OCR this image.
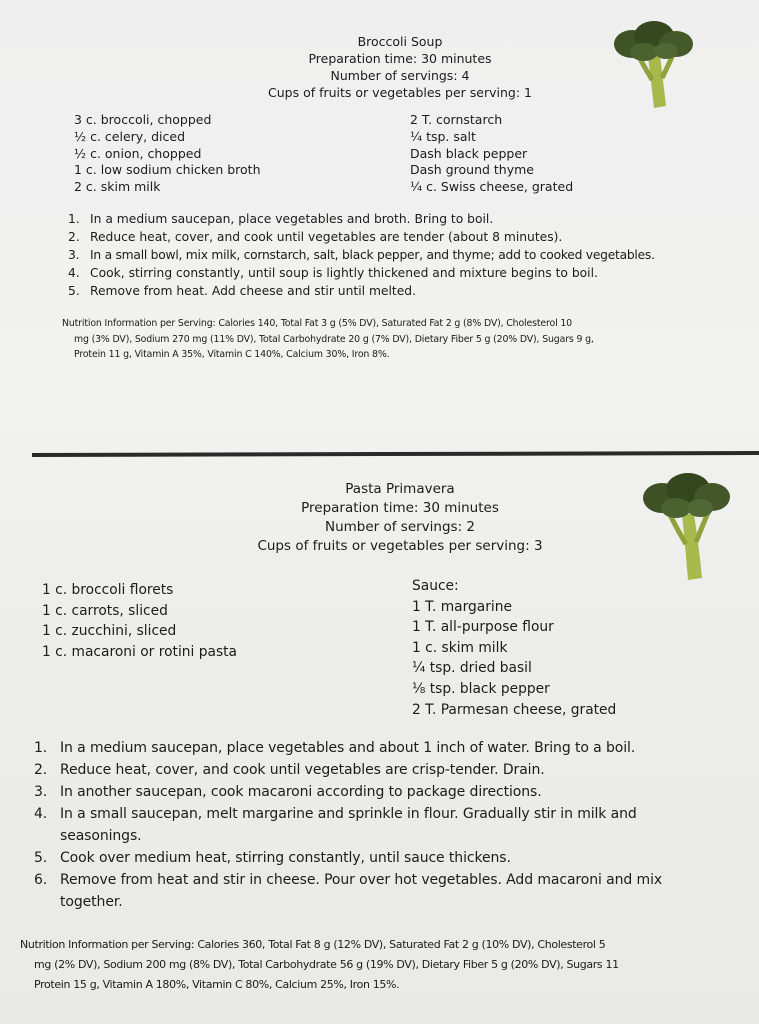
Broccoli Soup
Preparation time: 30 minutes
Number of servings: 4
Cups of fruits or vegetables per serving: 1
3 c. broccoli, chopped
½ c. celery, diced
½ c. onion, chopped
1 c. low sodium chicken broth
2 c. skim milk
2 T. cornstarch
¼ tsp. salt
Dash black pepper
Dash ground thyme
¼ c. Swiss cheese, grated
1. In a medium saucepan, place vegetables and broth. Bring to boil.
2. Reduce heat, cover, and cook until vegetables are tender (about 8 minutes).
3. In a small bowl, mix milk, cornstarch, salt, black pepper, and thyme; add to cooked vegetables.
4. Cook, stirring constantly, until soup is lightly thickened and mixture begins to boil.
5. Remove from heat. Add cheese and stir until melted.
Nutrition Information per Serving: Calories 140, Total Fat 3 g (5% DV), Saturated Fat 2 g (8% DV), Cholesterol 10
mg (3% DV), Sodium 270 mg (11% DV), Total Carbohydrate 20 g (7% DV), Dietary Fiber 5 g (20% DV), Sugars 9 g,
Protein 11 g, Vitamin A 35%, Vitamin C 140%, Calcium 30%, Iron 8%.
Pasta Primavera
Preparation time: 30 minutes
Number of servings: 2
Cups of fruits or vegetables per serving: 3
1 c. broccoli florets
1 c. carrots, sliced
1 c. zucchini, sliced
1 c. macaroni or rotini pasta
Sauce:
1 T. margarine
1 T. all-purpose flour
1 c. skim milk
¼ tsp. dried basil
⅛ tsp. black pepper
2 T. Parmesan cheese, grated
1. In a medium saucepan, place vegetables and about 1 inch of water. Bring to a boil.
2. Reduce heat, cover, and cook until vegetables are crisp-tender. Drain.
3. In another saucepan, cook macaroni according to package directions.
4. In a small saucepan, melt margarine and sprinkle in flour. Gradually stir in milk and
seasonings.
5. Cook over medium heat, stirring constantly, until sauce thickens.
6. Remove from heat and stir in cheese. Pour over hot vegetables. Add macaroni and mix
together.
Nutrition Information per Serving: Calories 360, Total Fat 8 g (12% DV), Saturated Fat 2 g (10% DV), Cholesterol 5
mg (2% DV), Sodium 200 mg (8% DV), Total Carbohydrate 56 g (19% DV), Dietary Fiber 5 g (20% DV), Sugars 11
Protein 15 g, Vitamin A 180%, Vitamin C 80%, Calcium 25%, Iron 15%.
